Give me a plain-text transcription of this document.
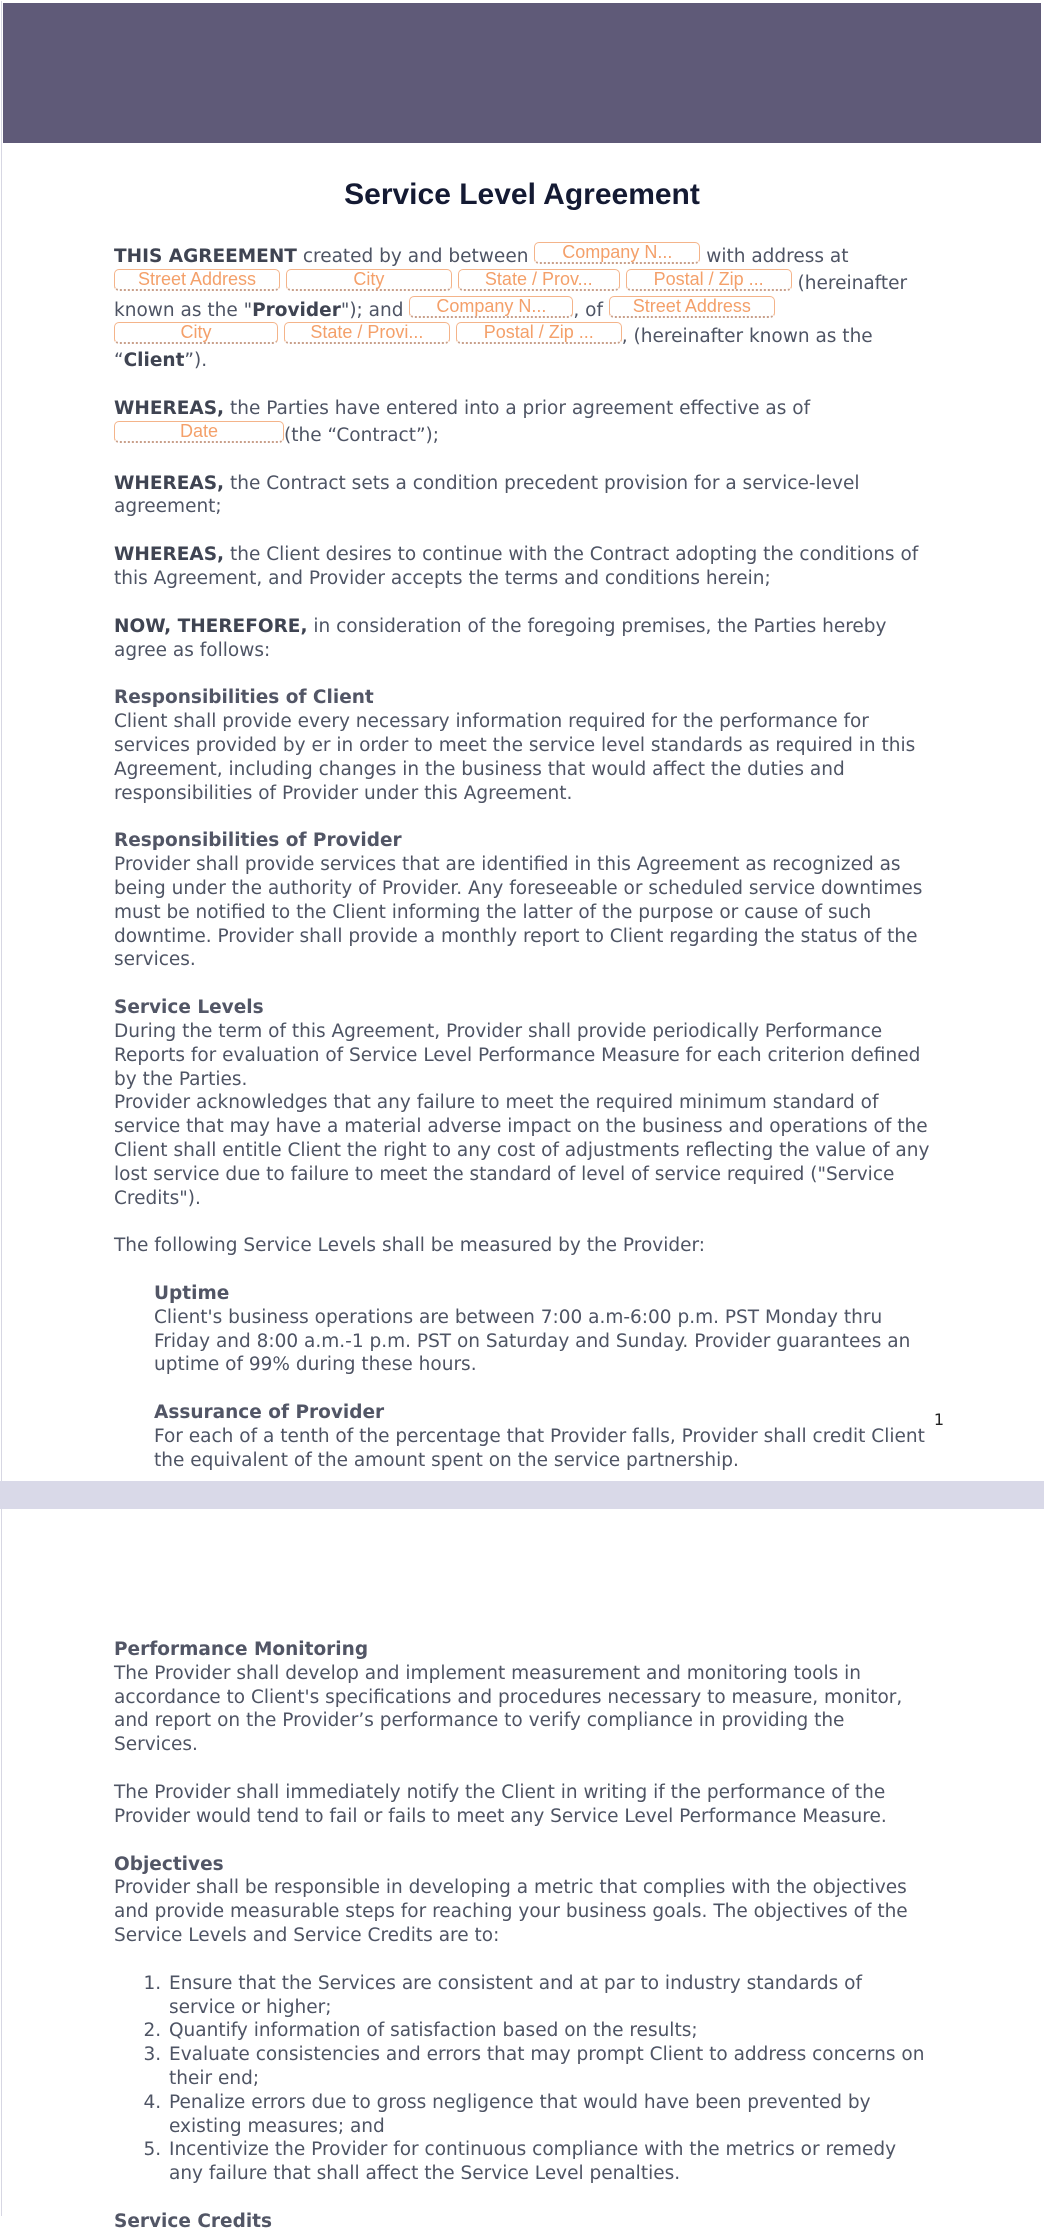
Service Level Agreement

THIS AGREEMENT created by and between Company N... with address at Street Address	City	State / Prov...	Postal / Zip ... (hereinafter known as the "Provider"); and Company N... , of Street Address City	State / Provi...	Postal / Zip ... , (hereinafter known as the “Client”).

WHEREAS, the Parties have entered into a prior agreement effective as of Date	(the “Contract”);

WHEREAS, the Contract sets a condition precedent provision for a service-level agreement;

WHEREAS, the Client desires to continue with the Contract adopting the conditions of this Agreement, and Provider accepts the terms and conditions herein;

NOW, THEREFORE, in consideration of the foregoing premises, the Parties hereby agree as follows:

Responsibilities of Client

Client shall provide every necessary information required for the performance for services provided by er in order to meet the service level standards as required in this Agreement, including changes in the business that would affect the duties and responsibilities of Provider under this Agreement.

Responsibilities of Provider

Provider shall provide services that are identified in this Agreement as recognized as being under the authority of Provider. Any foreseeable or scheduled service downtimes must be notified to the Client informing the latter of the purpose or cause of such downtime. Provider shall provide a monthly report to Client regarding the status of the services.

Service Levels

During the term of this Agreement, Provider shall provide periodically Performance Reports for evaluation of Service Level Performance Measure for each criterion defined by the Parties.

Provider acknowledges that any failure to meet the required minimum standard of service that may have a material adverse impact on the business and operations of the Client shall entitle Client the right to any cost of adjustments reflecting the value of any lost service due to failure to meet the standard of level of service required ("Service Credits").

The following Service Levels shall be measured by the Provider:

Uptime

Client's business operations are between 7:00 a.m-6:00 p.m. PST Monday thru Friday and 8:00 a.m.-1 p.m. PST on Saturday and Sunday. Provider guarantees an uptime of 99% during these hours.

Assurance of Provider

For each of a tenth of the percentage that Provider falls, Provider shall credit Client the equivalent of the amount spent on the service partnership.

1

Performance Monitoring

The Provider shall develop and implement measurement and monitoring tools in accordance to Client's specifications and procedures necessary to measure, monitor, and report on the Provider’s performance to verify compliance in providing the Services.

The Provider shall immediately notify the Client in writing if the performance of the Provider would tend to fail or fails to meet any Service Level Performance Measure.

Objectives

Provider shall be responsible in developing a metric that complies with the objectives and provide measurable steps for reaching your business goals. The objectives of the Service Levels and Service Credits are to:

1. Ensure that the Services are consistent and at par to industry standards of service or higher;
2. Quantify information of satisfaction based on the results;
3. Evaluate consistencies and errors that may prompt Client to address concerns on their end;
4. Penalize errors due to gross negligence that would have been prevented by existing measures; and
5. Incentivize the Provider for continuous compliance with the metrics or remedy any failure that shall affect the Service Level penalties.

Service Credits
